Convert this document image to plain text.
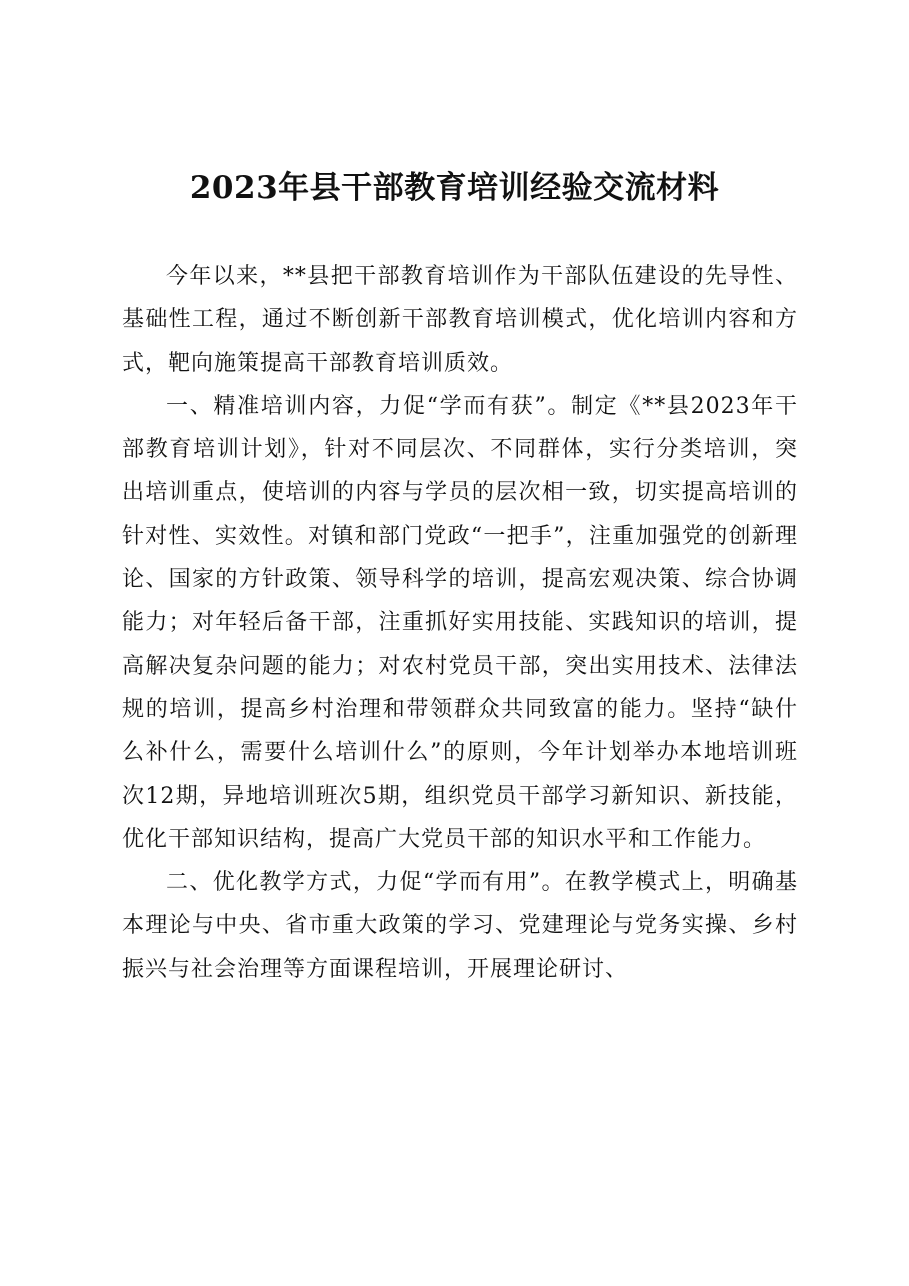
2023年县干部教育培训经验交流材料

今年以来，**县把干部教育培训作为干部队伍建设的先导性、基础性工程，通过不断创新干部教育培训模式，优化培训内容和方式，靶向施策提高干部教育培训质效。

一、精准培训内容，力促“学而有获”。制定《**县2023年干部教育培训计划》，针对不同层次、不同群体，实行分类培训，突出培训重点，使培训的内容与学员的层次相一致，切实提高培训的针对性、实效性。对镇和部门党政“一把手”，注重加强党的创新理论、国家的方针政策、领导科学的培训，提高宏观决策、综合协调能力；对年轻后备干部，注重抓好实用技能、实践知识的培训，提高解决复杂问题的能力；对农村党员干部，突出实用技术、法律法规的培训，提高乡村治理和带领群众共同致富的能力。坚持“缺什么补什么，需要什么培训什么”的原则，今年计划举办本地培训班次12期，异地培训班次5期，组织党员干部学习新知识、新技能，优化干部知识结构，提高广大党员干部的知识水平和工作能力。

二、优化教学方式，力促“学而有用”。在教学模式上，明确基本理论与中央、省市重大政策的学习、党建理论与党务实操、乡村振兴与社会治理等方面课程培训，开展理论研讨、
